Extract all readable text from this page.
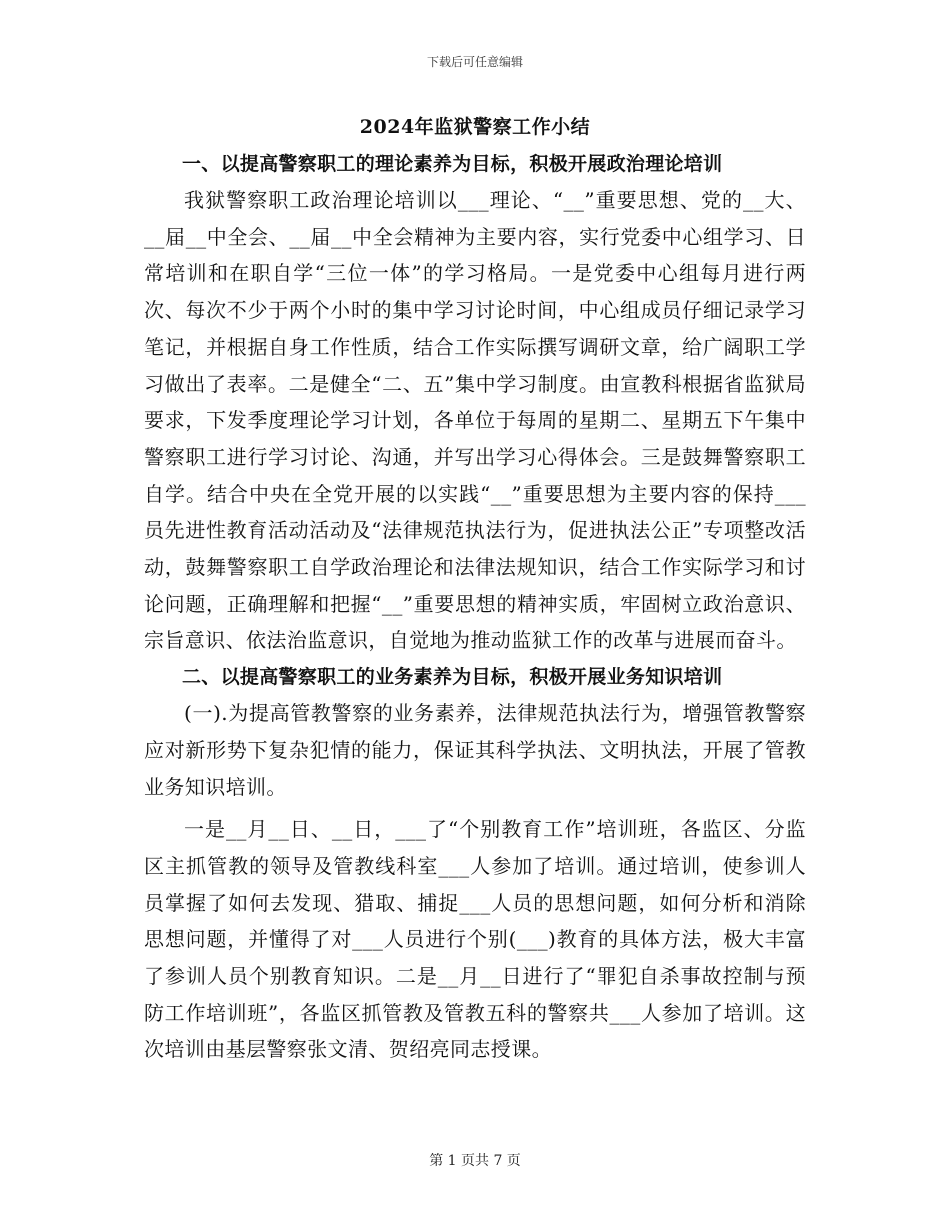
下载后可任意编辑
2024年监狱警察工作小结

一、以提高警察职工的理论素养为目标，积极开展政治理论培训

我狱警察职工政治理论培训以___理论、“__”重要思想、党的__大、__届__中全会、__届__中全会精神为主要内容，实行党委中心组学习、日常培训和在职自学“三位一体”的学习格局。一是党委中心组每月进行两次、每次不少于两个小时的集中学习讨论时间，中心组成员仔细记录学习笔记，并根据自身工作性质，结合工作实际撰写调研文章，给广阔职工学习做出了表率。二是健全“二、五”集中学习制度。由宣教科根据省监狱局要求，下发季度理论学习计划，各单位于每周的星期二、星期五下午集中警察职工进行学习讨论、沟通，并写出学习心得体会。三是鼓舞警察职工自学。结合中央在全党开展的以实践“__”重要思想为主要内容的保持___员先进性教育活动活动及“法律规范执法行为，促进执法公正”专项整改活动，鼓舞警察职工自学政治理论和法律法规知识，结合工作实际学习和讨论问题，正确理解和把握“__”重要思想的精神实质，牢固树立政治意识、宗旨意识、依法治监意识，自觉地为推动监狱工作的改革与进展而奋斗。

二、以提高警察职工的业务素养为目标，积极开展业务知识培训

(一).为提高管教警察的业务素养，法律规范执法行为，增强管教警察应对新形势下复杂犯情的能力，保证其科学执法、文明执法，开展了管教业务知识培训。

一是__月__日、__日，___了“个别教育工作”培训班，各监区、分监区主抓管教的领导及管教线科室___人参加了培训。通过培训，使参训人员掌握了如何去发现、猎取、捕捉___人员的思想问题，如何分析和消除思想问题，并懂得了对___人员进行个别(___)教育的具体方法，极大丰富了参训人员个别教育知识。二是__月__日进行了“罪犯自杀事故控制与预防工作培训班”，各监区抓管教及管教五科的警察共___人参加了培训。这次培训由基层警察张文清、贺绍亮同志授课。

第 1 页共 7 页
